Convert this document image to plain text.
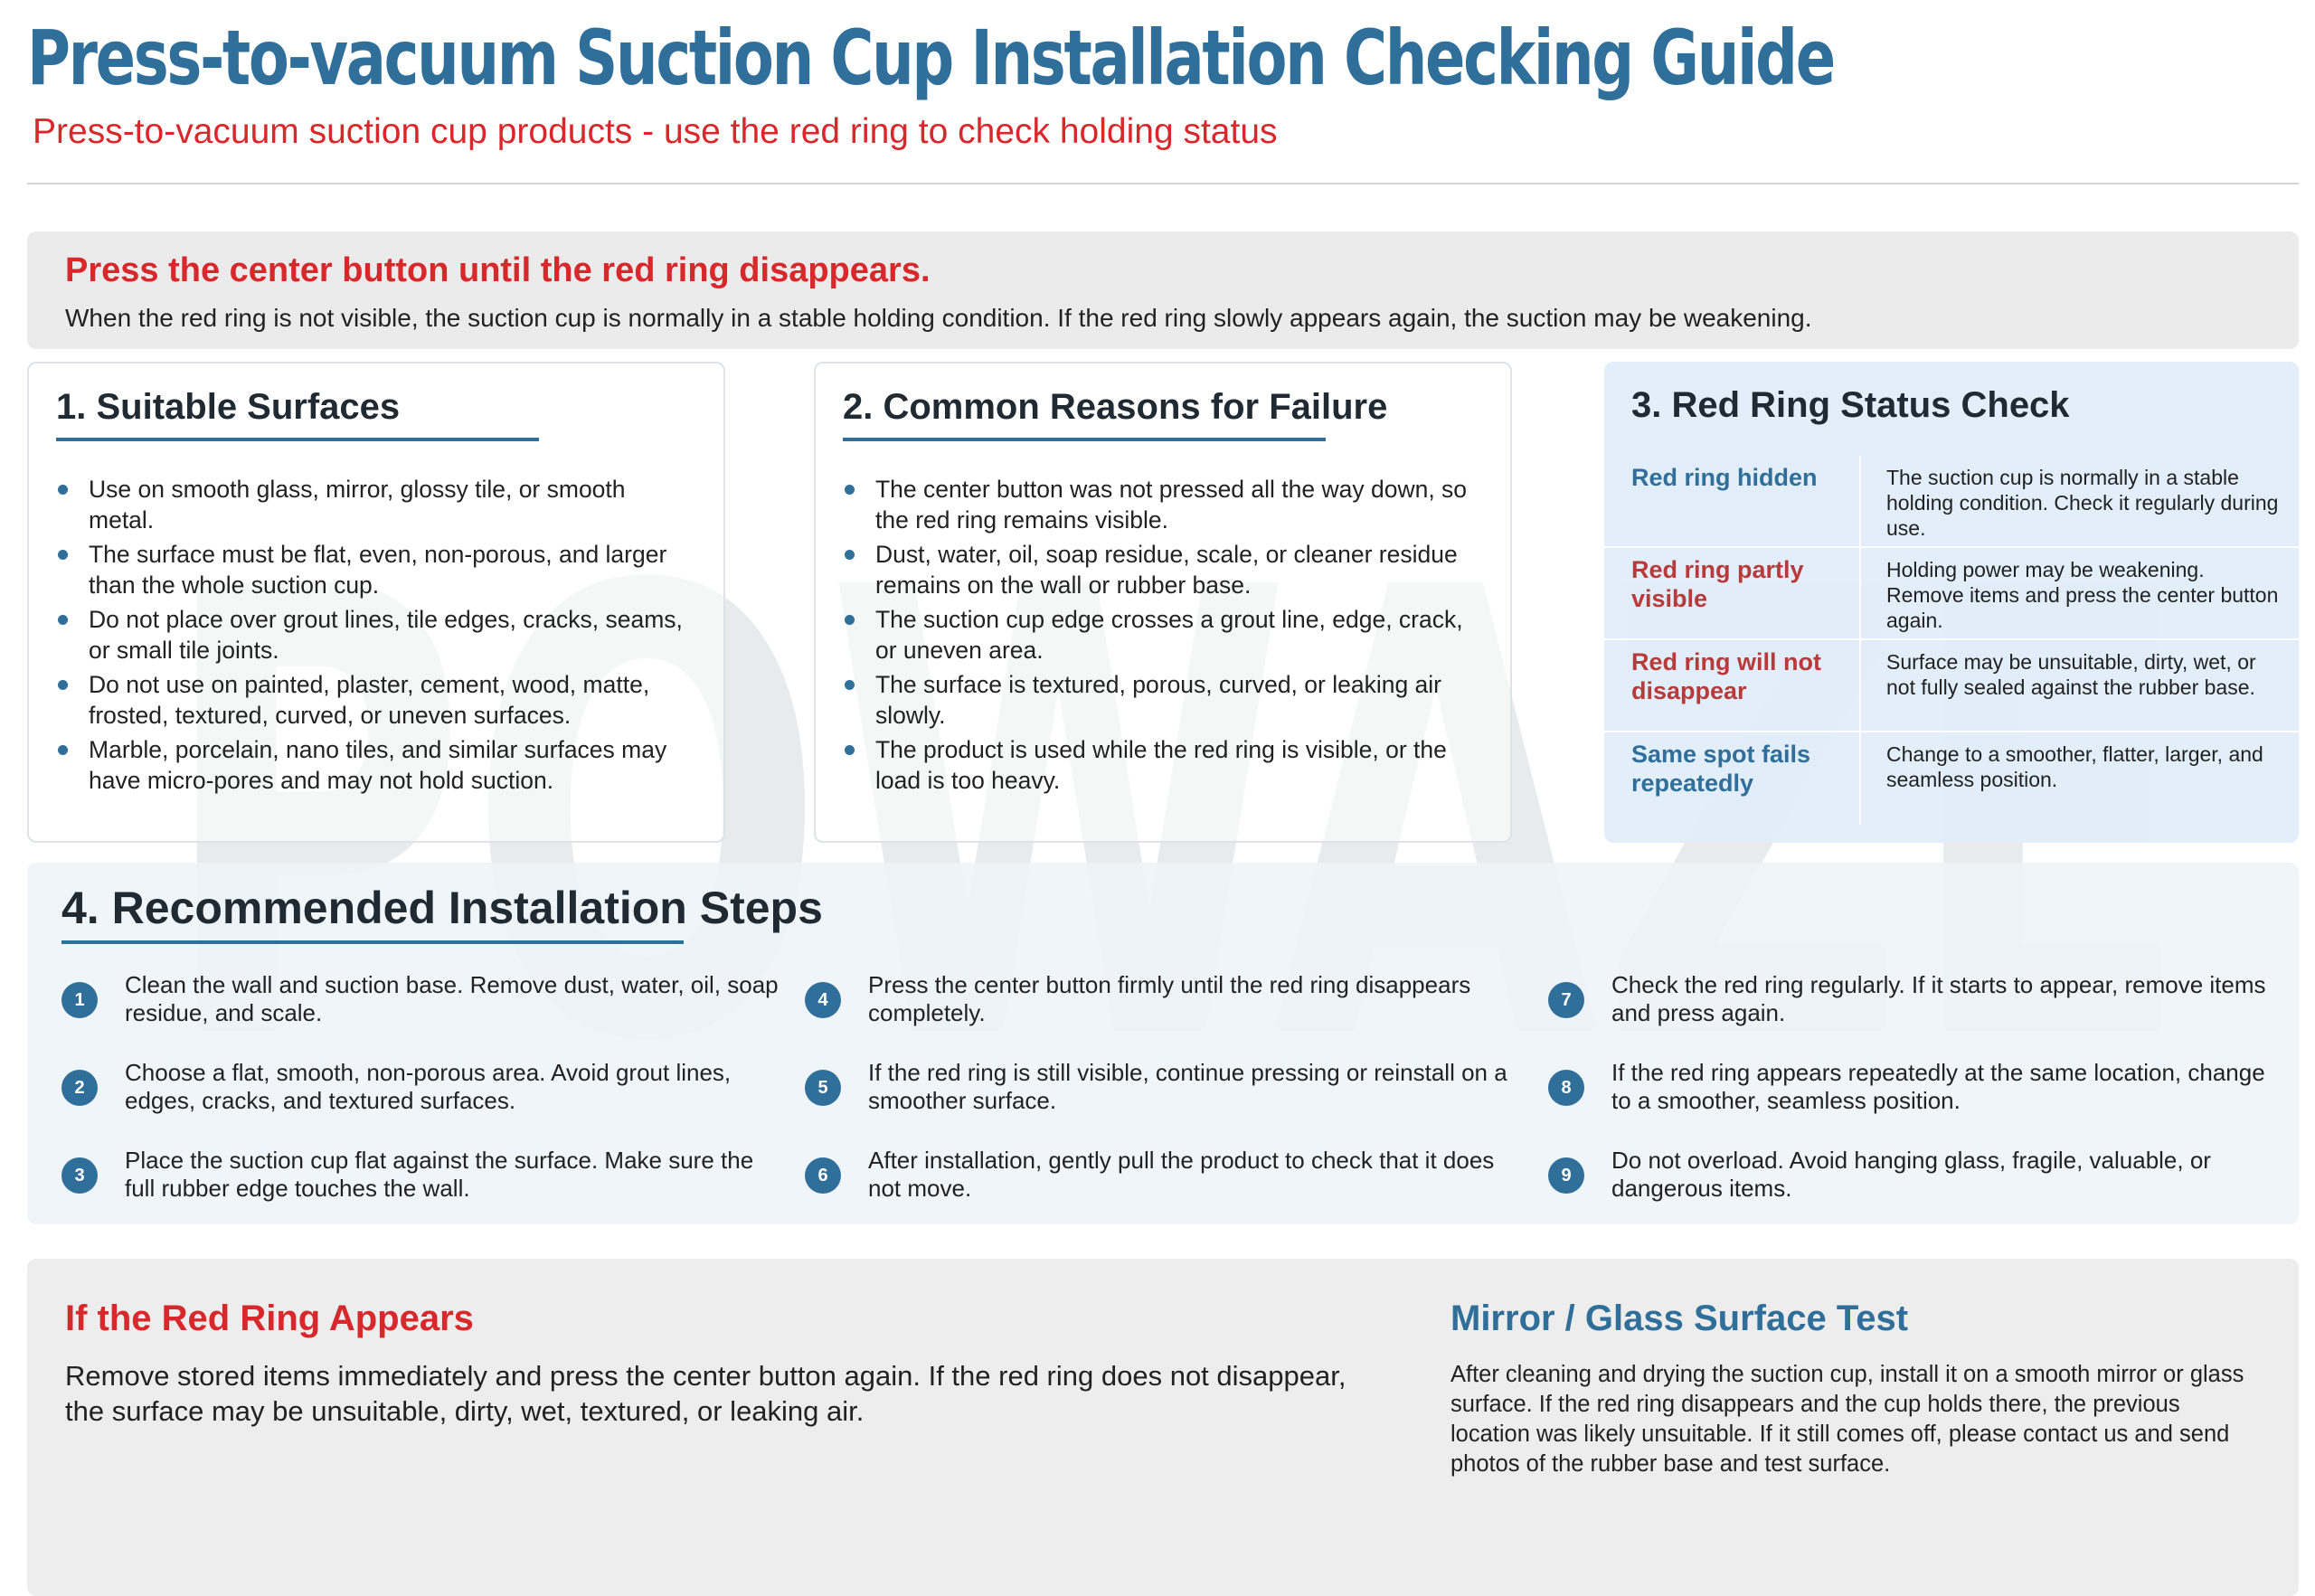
Press-to-vacuum Suction Cup Installation Checking Guide
Press-to-vacuum suction cup products - use the red ring to check holding status
Press the center button until the red ring disappears.
When the red ring is not visible, the suction cup is normally in a stable holding condition. If the red ring slowly appears again, the suction may be weakening.
1. Suitable Surfaces
Use on smooth glass, mirror, glossy tile, or smooth metal.
The surface must be flat, even, non-porous, and larger than the whole suction cup.
Do not place over grout lines, tile edges, cracks, seams, or small tile joints.
Do not use on painted, plaster, cement, wood, matte, frosted, textured, curved, or uneven surfaces.
Marble, porcelain, nano tiles, and similar surfaces may have micro-pores and may not hold suction.
2. Common Reasons for Failure
The center button was not pressed all the way down, so the red ring remains visible.
Dust, water, oil, soap residue, scale, or cleaner residue remains on the wall or rubber base.
The suction cup edge crosses a grout line, edge, crack, or uneven area.
The surface is textured, porous, curved, or leaking air slowly.
The product is used while the red ring is visible, or the load is too heavy.
3. Red Ring Status Check
Red ring hidden	The suction cup is normally in a stable holding condition. Check it regularly during use.
Red ring partly visible
Holding power may be weakening. Remove items and press the center button again.
Red ring will not disappear
Surface may be unsuitable, dirty, wet, or not fully sealed against the rubber base.
Same spot fails repeatedly
Change to a smoother, flatter, larger, and seamless position.
4. Recommended Installation Steps
1
Clean the wall and suction base. Remove dust, water, oil, soap residue, and scale.
2
Choose a flat, smooth, non-porous area. Avoid grout lines, edges, cracks, and textured surfaces.
3
Place the suction cup flat against the surface. Make sure the full rubber edge touches the wall.
4
Press the center button firmly until the red ring disappears completely.
5
If the red ring is still visible, continue pressing or reinstall on a smoother surface.
6
After installation, gently pull the product to check that it does not move.
7
Check the red ring regularly. If it starts to appear, remove items and press again.
8
If the red ring appears repeatedly at the same location, change to a smoother, seamless position.
9
Do not overload. Avoid hanging glass, fragile, valuable, or dangerous items.
If the Red Ring Appears
Remove stored items immediately and press the center button again. If the red ring does not disappear, the surface may be unsuitable, dirty, wet, textured, or leaking air.
Mirror / Glass Surface Test
After cleaning and drying the suction cup, install it on a smooth mirror or glass surface. If the red ring disappears and the cup holds there, the previous location was likely unsuitable. If it still comes off, please contact us and send photos of the rubber base and test surface.
